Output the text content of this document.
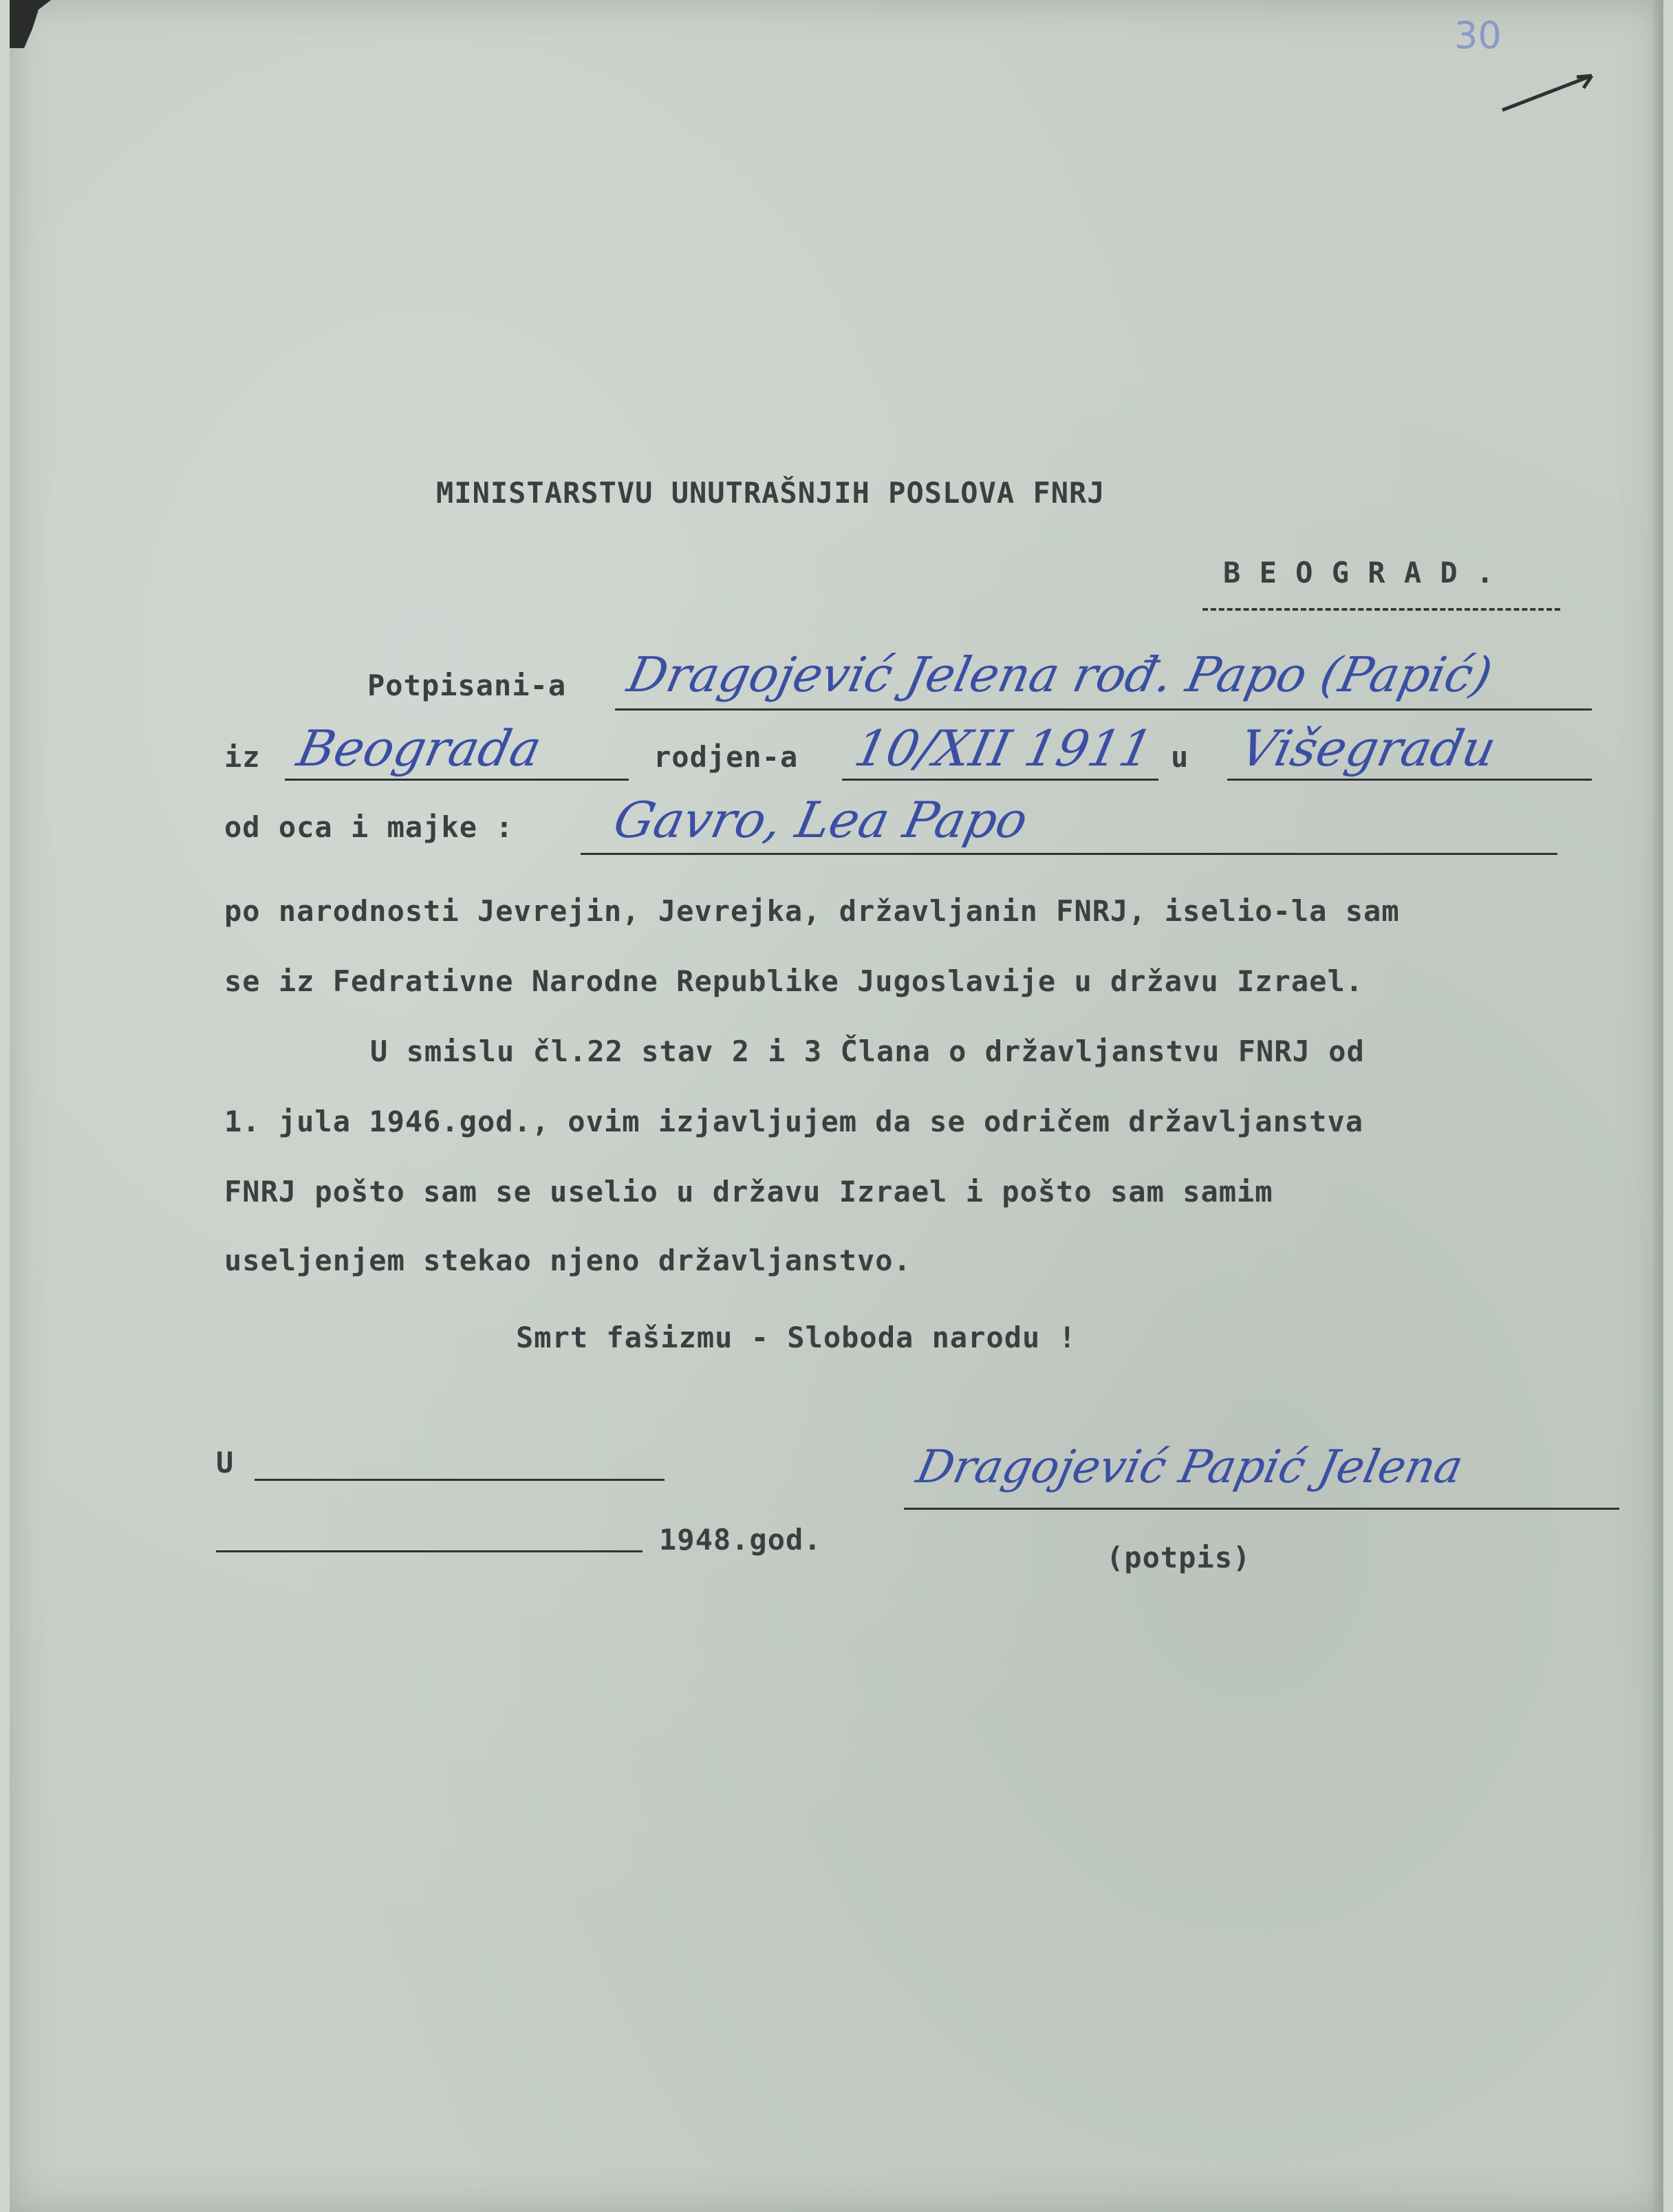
30
MINISTARSTVU UNUTRAŠNJIH POSLOVA FNRJ
B E O G R A D .
Potpisani-a Dragojević Jelena rođ. Papo (Papić)
iz Beograda	rodjen-a 10/XII 1911 u Višegradu
od oca i majke : Gavro, Lea Papo
po narodnosti Jevrejin, Jevrejka, državljanin FNRJ, iselio-la sam
se iz Fedrativne Narodne Republike Jugoslavije u državu Izrael.
U smislu čl.22 stav 2 i 3 Člana o državljanstvu FNRJ od
1. jula 1946.god., ovim izjavljujem da se odričem državljanstva
FNRJ pošto sam se uselio u državu Izrael i pošto sam samim
useljenjem stekao njeno državljanstvo.
Smrt fašizmu - Sloboda narodu !
U
1948.god.
Dragojević Papić Jelena
(potpis)
